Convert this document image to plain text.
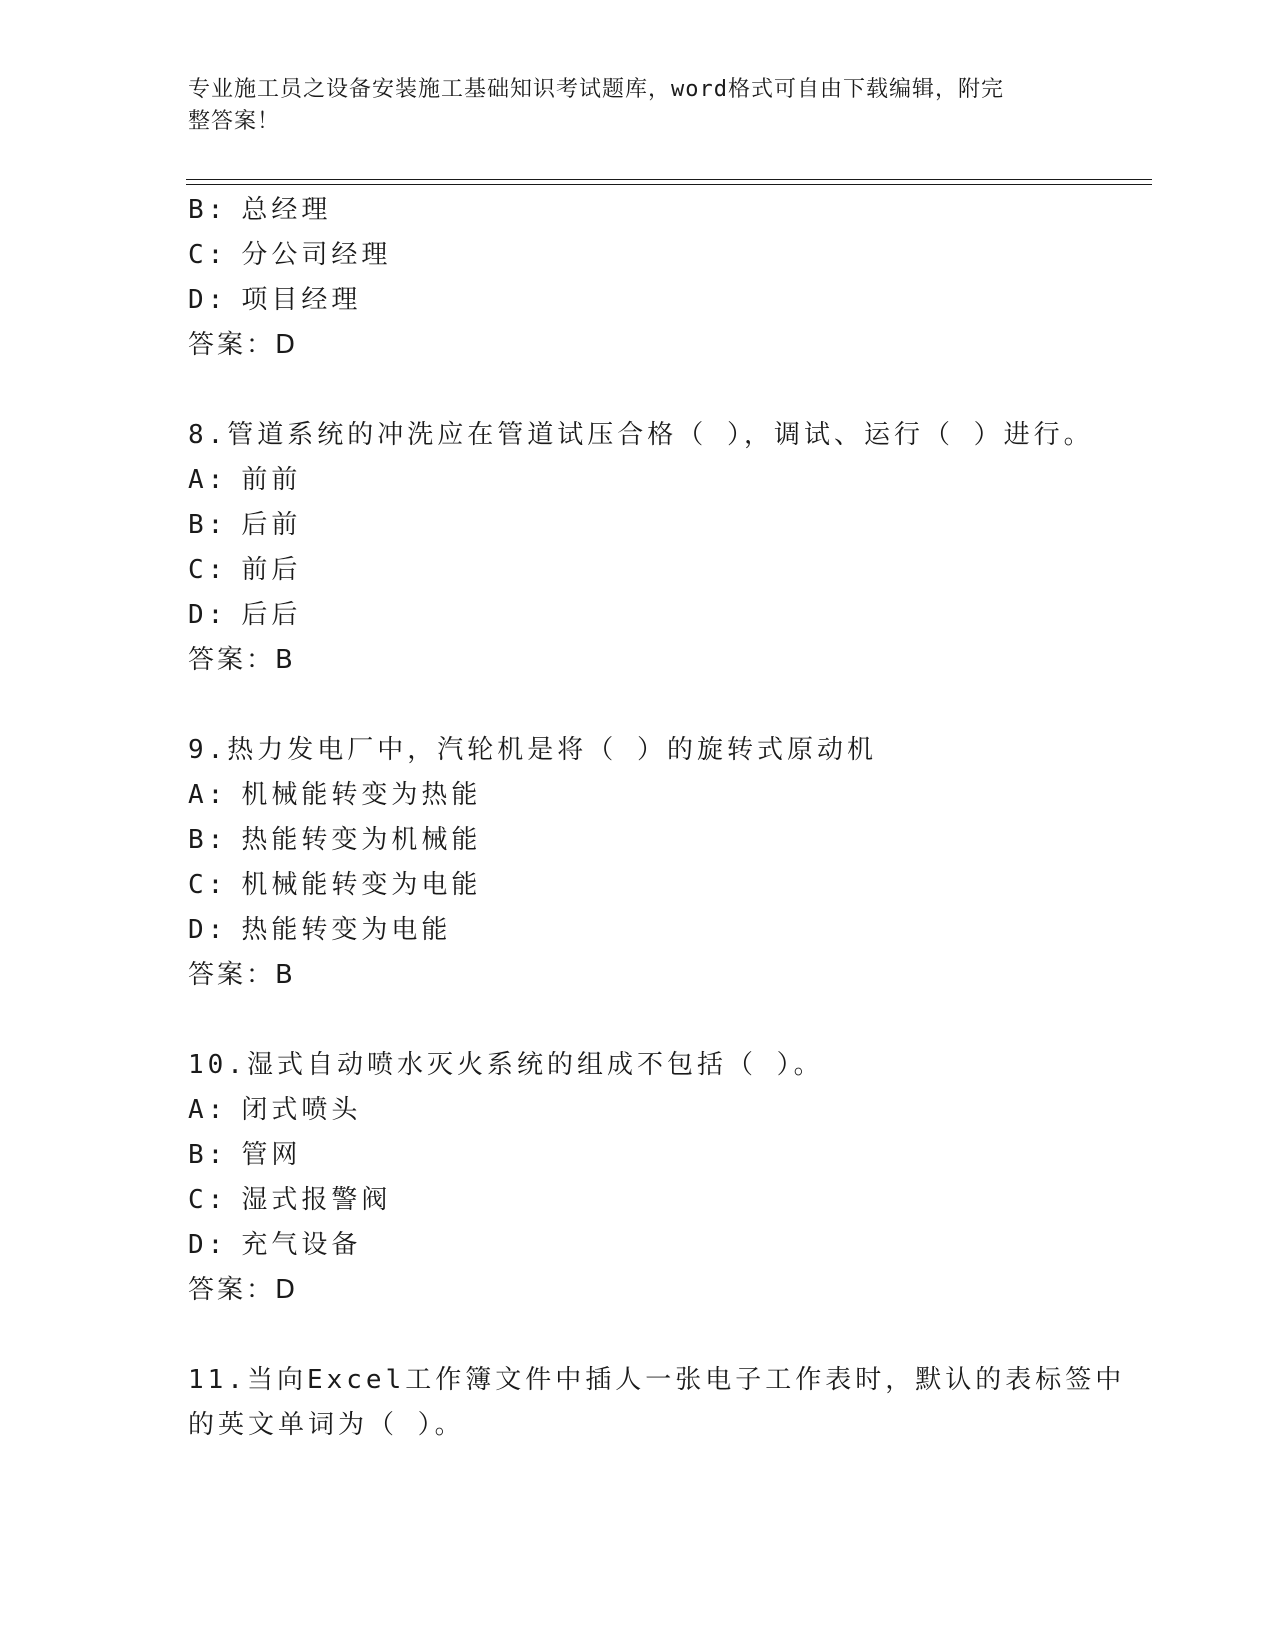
专业施工员之设备安装施工基础知识考试题库，word格式可自由下载编辑，附完
整答案！
B: 总经理
C: 分公司经理
D: 项目经理
答案：D
8.管道系统的冲洗应在管道试压合格（ ），调试、运行（ ）进行。
A: 前前
B: 后前
C: 前后
D: 后后
答案：B
9.热力发电厂中，汽轮机是将（ ）的旋转式原动机
A: 机械能转变为热能
B: 热能转变为机械能
C: 机械能转变为电能
D: 热能转变为电能
答案：B
10.湿式自动喷水灭火系统的组成不包括（ ）。
A: 闭式喷头
B: 管网
C: 湿式报警阀
D: 充气设备
答案：D
11.当向Excel工作簿文件中插人一张电子工作表时，默认的表标签中
的英文单词为（ ）。
